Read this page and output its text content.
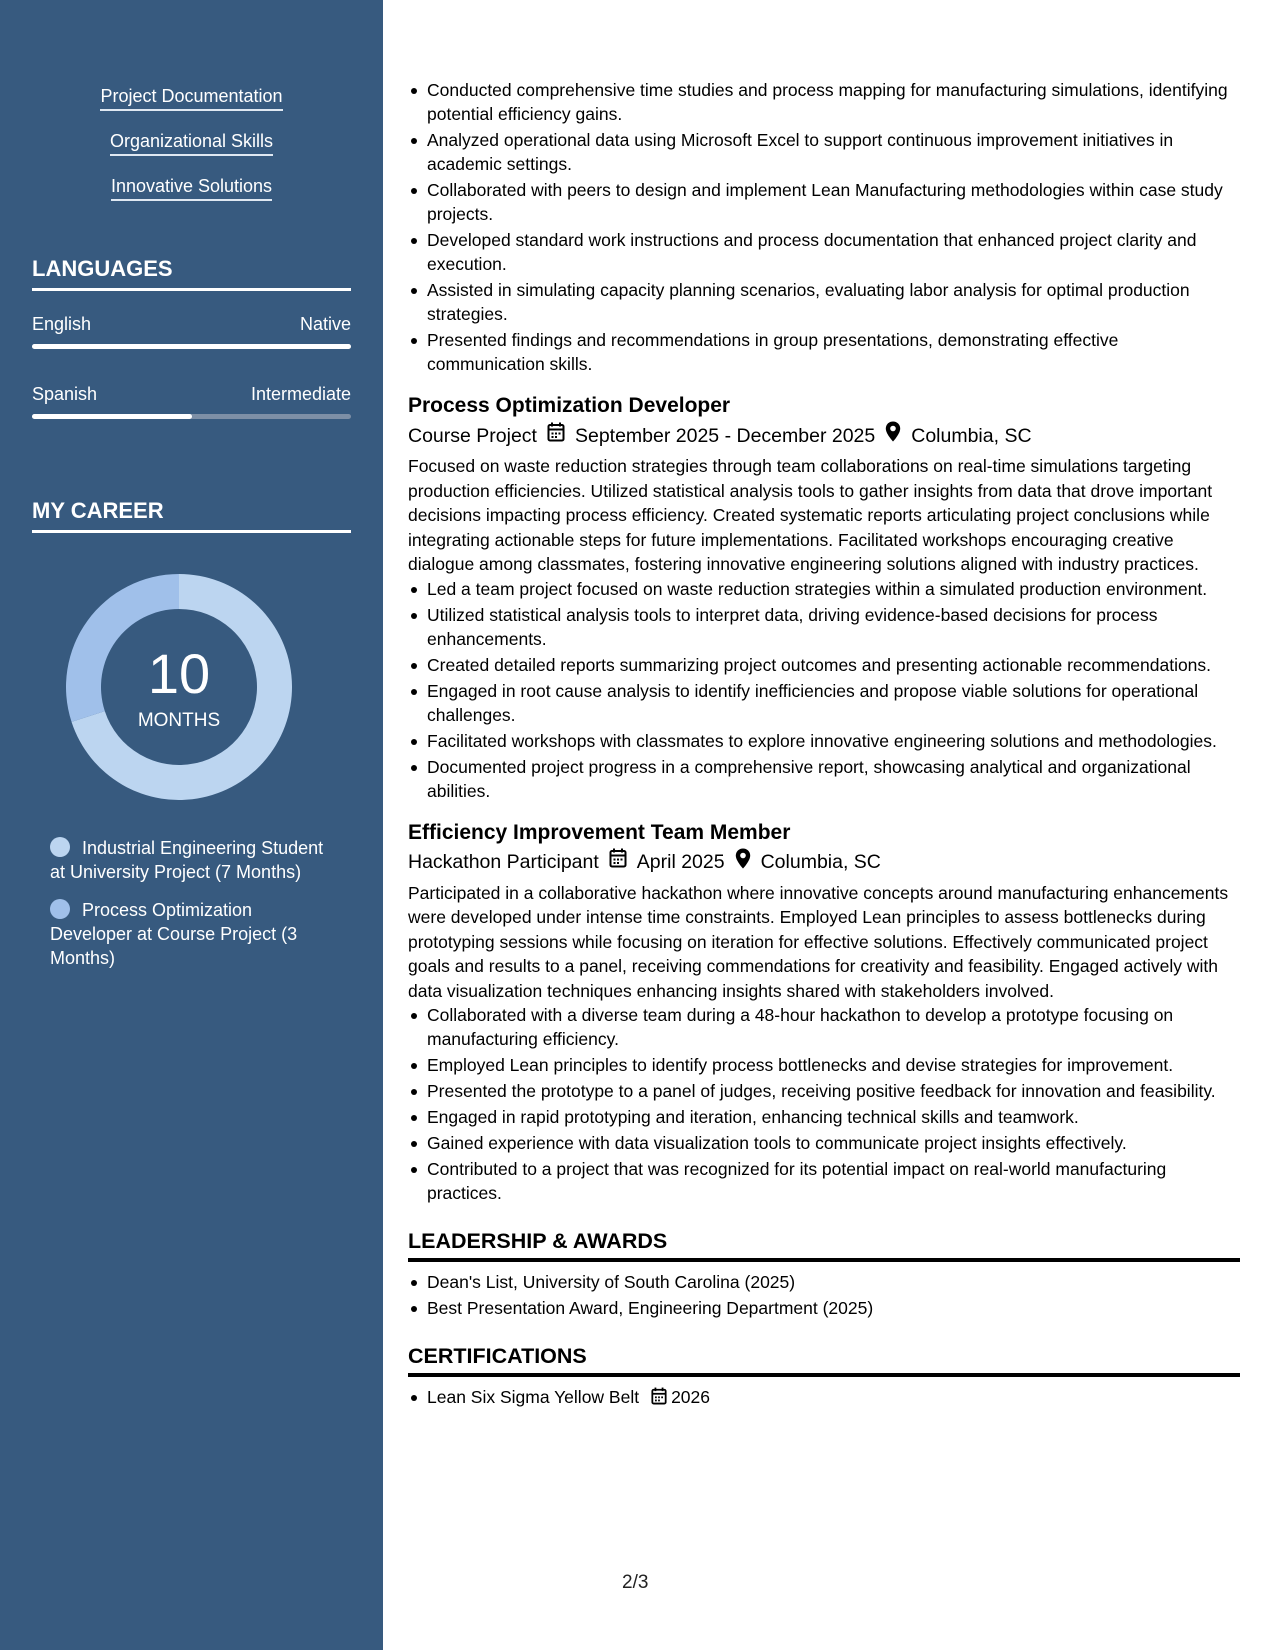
Project Documentation
Organizational Skills
Innovative Solutions
LANGUAGES
English	Native
Spanish	Intermediate
MY CAREER
10
MONTHS
Industrial Engineering Student at University Project (7 Months)
Process Optimization Developer at Course Project (3 Months)
Conducted comprehensive time studies and process mapping for manufacturing simulations, identifying potential efficiency gains.
Analyzed operational data using Microsoft Excel to support continuous improvement initiatives in academic settings.
Collaborated with peers to design and implement Lean Manufacturing methodologies within case study projects.
Developed standard work instructions and process documentation that enhanced project clarity and execution.
Assisted in simulating capacity planning scenarios, evaluating labor analysis for optimal production strategies.
Presented findings and recommendations in group presentations, demonstrating effective communication skills.
Process Optimization Developer
Course Project September 2025 - December 2025 Columbia, SC
Focused on waste reduction strategies through team collaborations on real-time simulations targeting production efficiencies. Utilized statistical analysis tools to gather insights from data that drove important decisions impacting process efficiency. Created systematic reports articulating project conclusions while integrating actionable steps for future implementations. Facilitated workshops encouraging creative dialogue among classmates, fostering innovative engineering solutions aligned with industry practices.
Led a team project focused on waste reduction strategies within a simulated production environment.
Utilized statistical analysis tools to interpret data, driving evidence-based decisions for process enhancements.
Created detailed reports summarizing project outcomes and presenting actionable recommendations.
Engaged in root cause analysis to identify inefficiencies and propose viable solutions for operational challenges.
Facilitated workshops with classmates to explore innovative engineering solutions and methodologies.
Documented project progress in a comprehensive report, showcasing analytical and organizational abilities.
Efficiency Improvement Team Member
Hackathon Participant April 2025 Columbia, SC
Participated in a collaborative hackathon where innovative concepts around manufacturing enhancements were developed under intense time constraints. Employed Lean principles to assess bottlenecks during prototyping sessions while focusing on iteration for effective solutions. Effectively communicated project goals and results to a panel, receiving commendations for creativity and feasibility. Engaged actively with data visualization techniques enhancing insights shared with stakeholders involved.
Collaborated with a diverse team during a 48-hour hackathon to develop a prototype focusing on manufacturing efficiency.
Employed Lean principles to identify process bottlenecks and devise strategies for improvement.
Presented the prototype to a panel of judges, receiving positive feedback for innovation and feasibility.
Engaged in rapid prototyping and iteration, enhancing technical skills and teamwork.
Gained experience with data visualization tools to communicate project insights effectively.
Contributed to a project that was recognized for its potential impact on real-world manufacturing practices.
LEADERSHIP & AWARDS
Dean's List, University of South Carolina (2025)
Best Presentation Award, Engineering Department (2025)
CERTIFICATIONS
Lean Six Sigma Yellow Belt 2026
2/3
